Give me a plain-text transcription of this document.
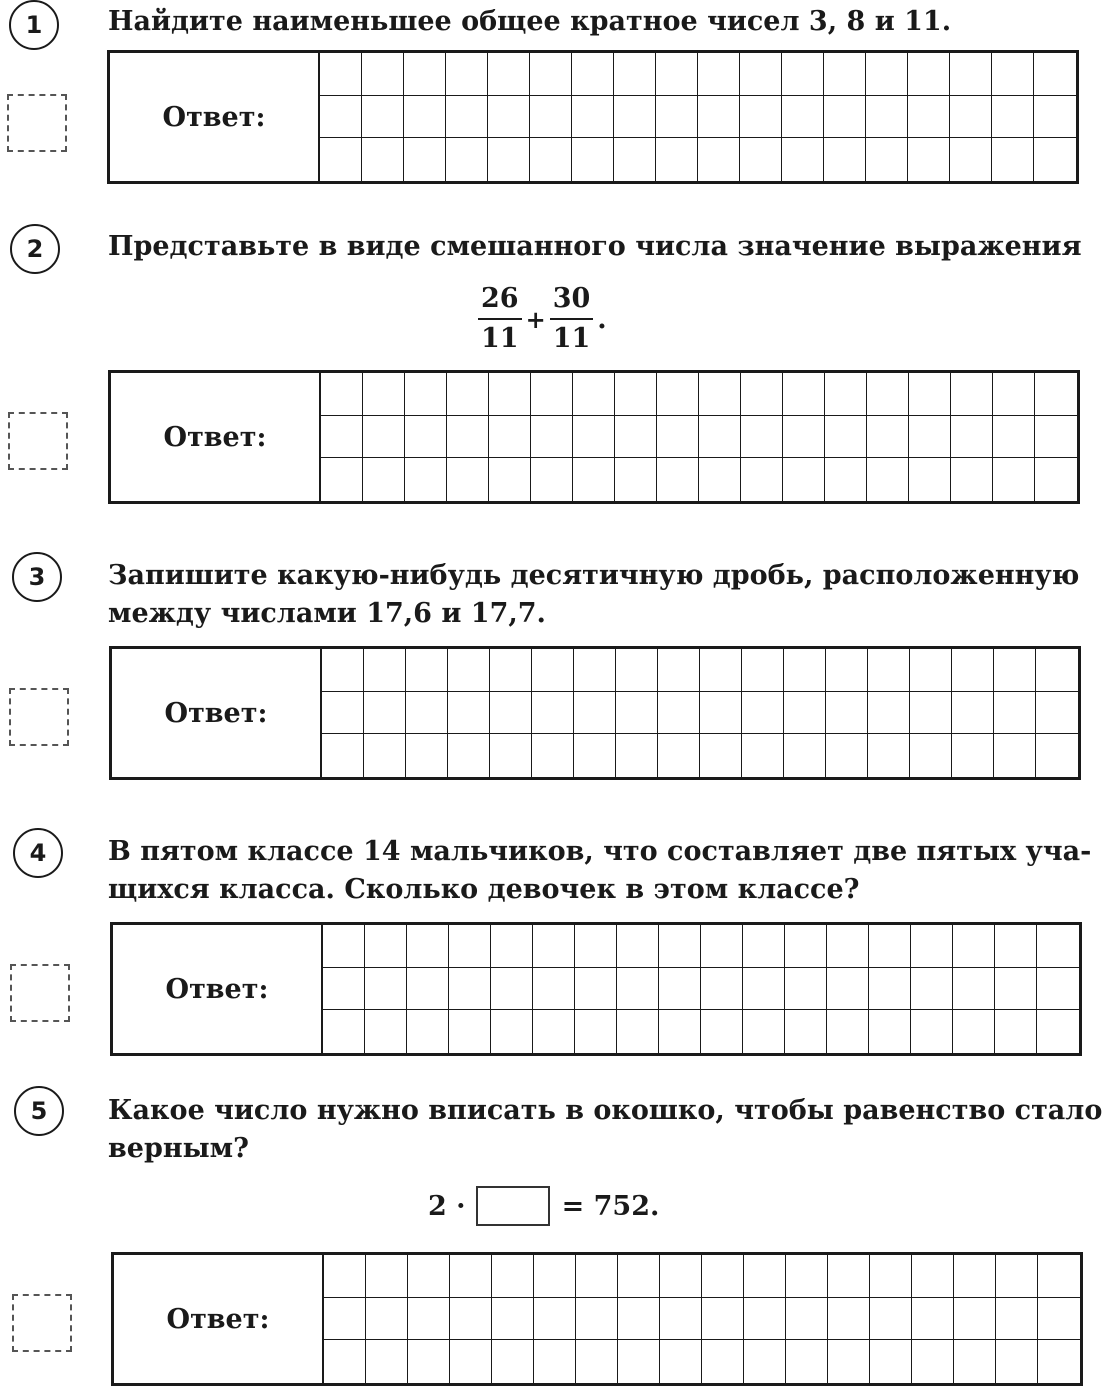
1	Найдите наименьшее общее кратное чисел 3, 8 и 11.
Ответ:
2	Представьте в виде смешанного числа значение выражения
$\frac{26}{11} + \frac{30}{11}$ .
Ответ:
3	Запишите какую-нибудь десятичную дробь, расположенную
между числами 17,6 и 17,7.
Ответ:
4	В пятом классе 14 мальчиков, что составляет две пятых уча-
щихся класса. Сколько девочек в этом классе?
Ответ:
5	Какое число нужно вписать в окошко, чтобы равенство стало
верным?
2 ·	= 752.
Ответ:
